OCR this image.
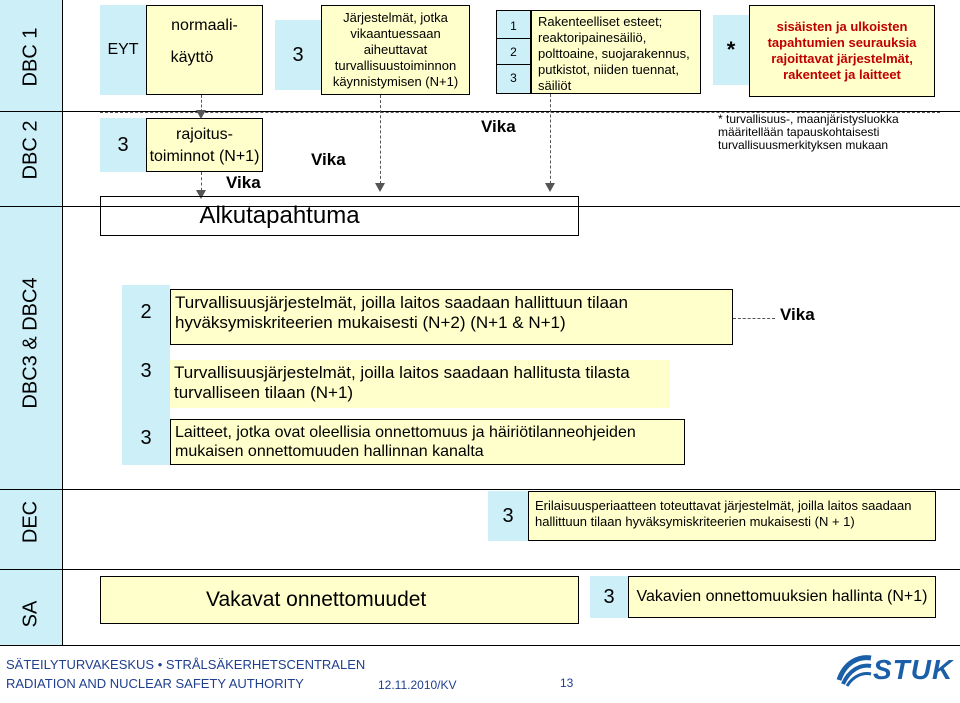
DBC 1
DBC 2
DBC3 & DBC4
DEC
SA
EYT
normaali-
käyttö	3
Järjestelmät, jotka vikaantuessaan aiheuttavat turvallisuustoiminnon käynnistymisen (N+1)
1
2
3
Rakenteelliset esteet; reaktoripainesäiliö, polttoaine, suojarakennus, putkistot, niiden tuennat, säiliöt
*
sisäisten ja ulkoisten tapahtumien seurauksia rajoittavat järjestelmät, rakenteet ja laitteet
3	rajoitus-
toiminnot (N+1)
* turvallisuus-, maanjäristysluokka määritellään tapauskohtaisesti turvallisuusmerkityksen mukaan
Vika
Vika
Vika
Alkutapahtuma
2	Turvallisuusjärjestelmät, joilla laitos saadaan hallittuun tilaan hyväksymiskriteerien mukaisesti (N+2) (N+1 & N+1)
3	Turvallisuusjärjestelmät, joilla laitos saadaan hallitusta tilasta turvalliseen tilaan (N+1)
3	Laitteet, jotka ovat oleellisia onnettomuus ja häiriötilanneohjeiden mukaisen onnettomuuden hallinnan kanalta
Vika
3	Erilaisuusperiaatteen toteuttavat järjestelmät, joilla laitos saadaan hallittuun tilaan hyväksymiskriteerien mukaisesti (N + 1)
Vakavat onnettomuudet	3	Vakavien onnettomuuksien hallinta (N+1)
SÄTEILYTURVAKESKUS • STRÅLSÄKERHETSCENTRALEN
RADIATION AND NUCLEAR SAFETY AUTHORITY	12.11.2010/KV	13	STUK
